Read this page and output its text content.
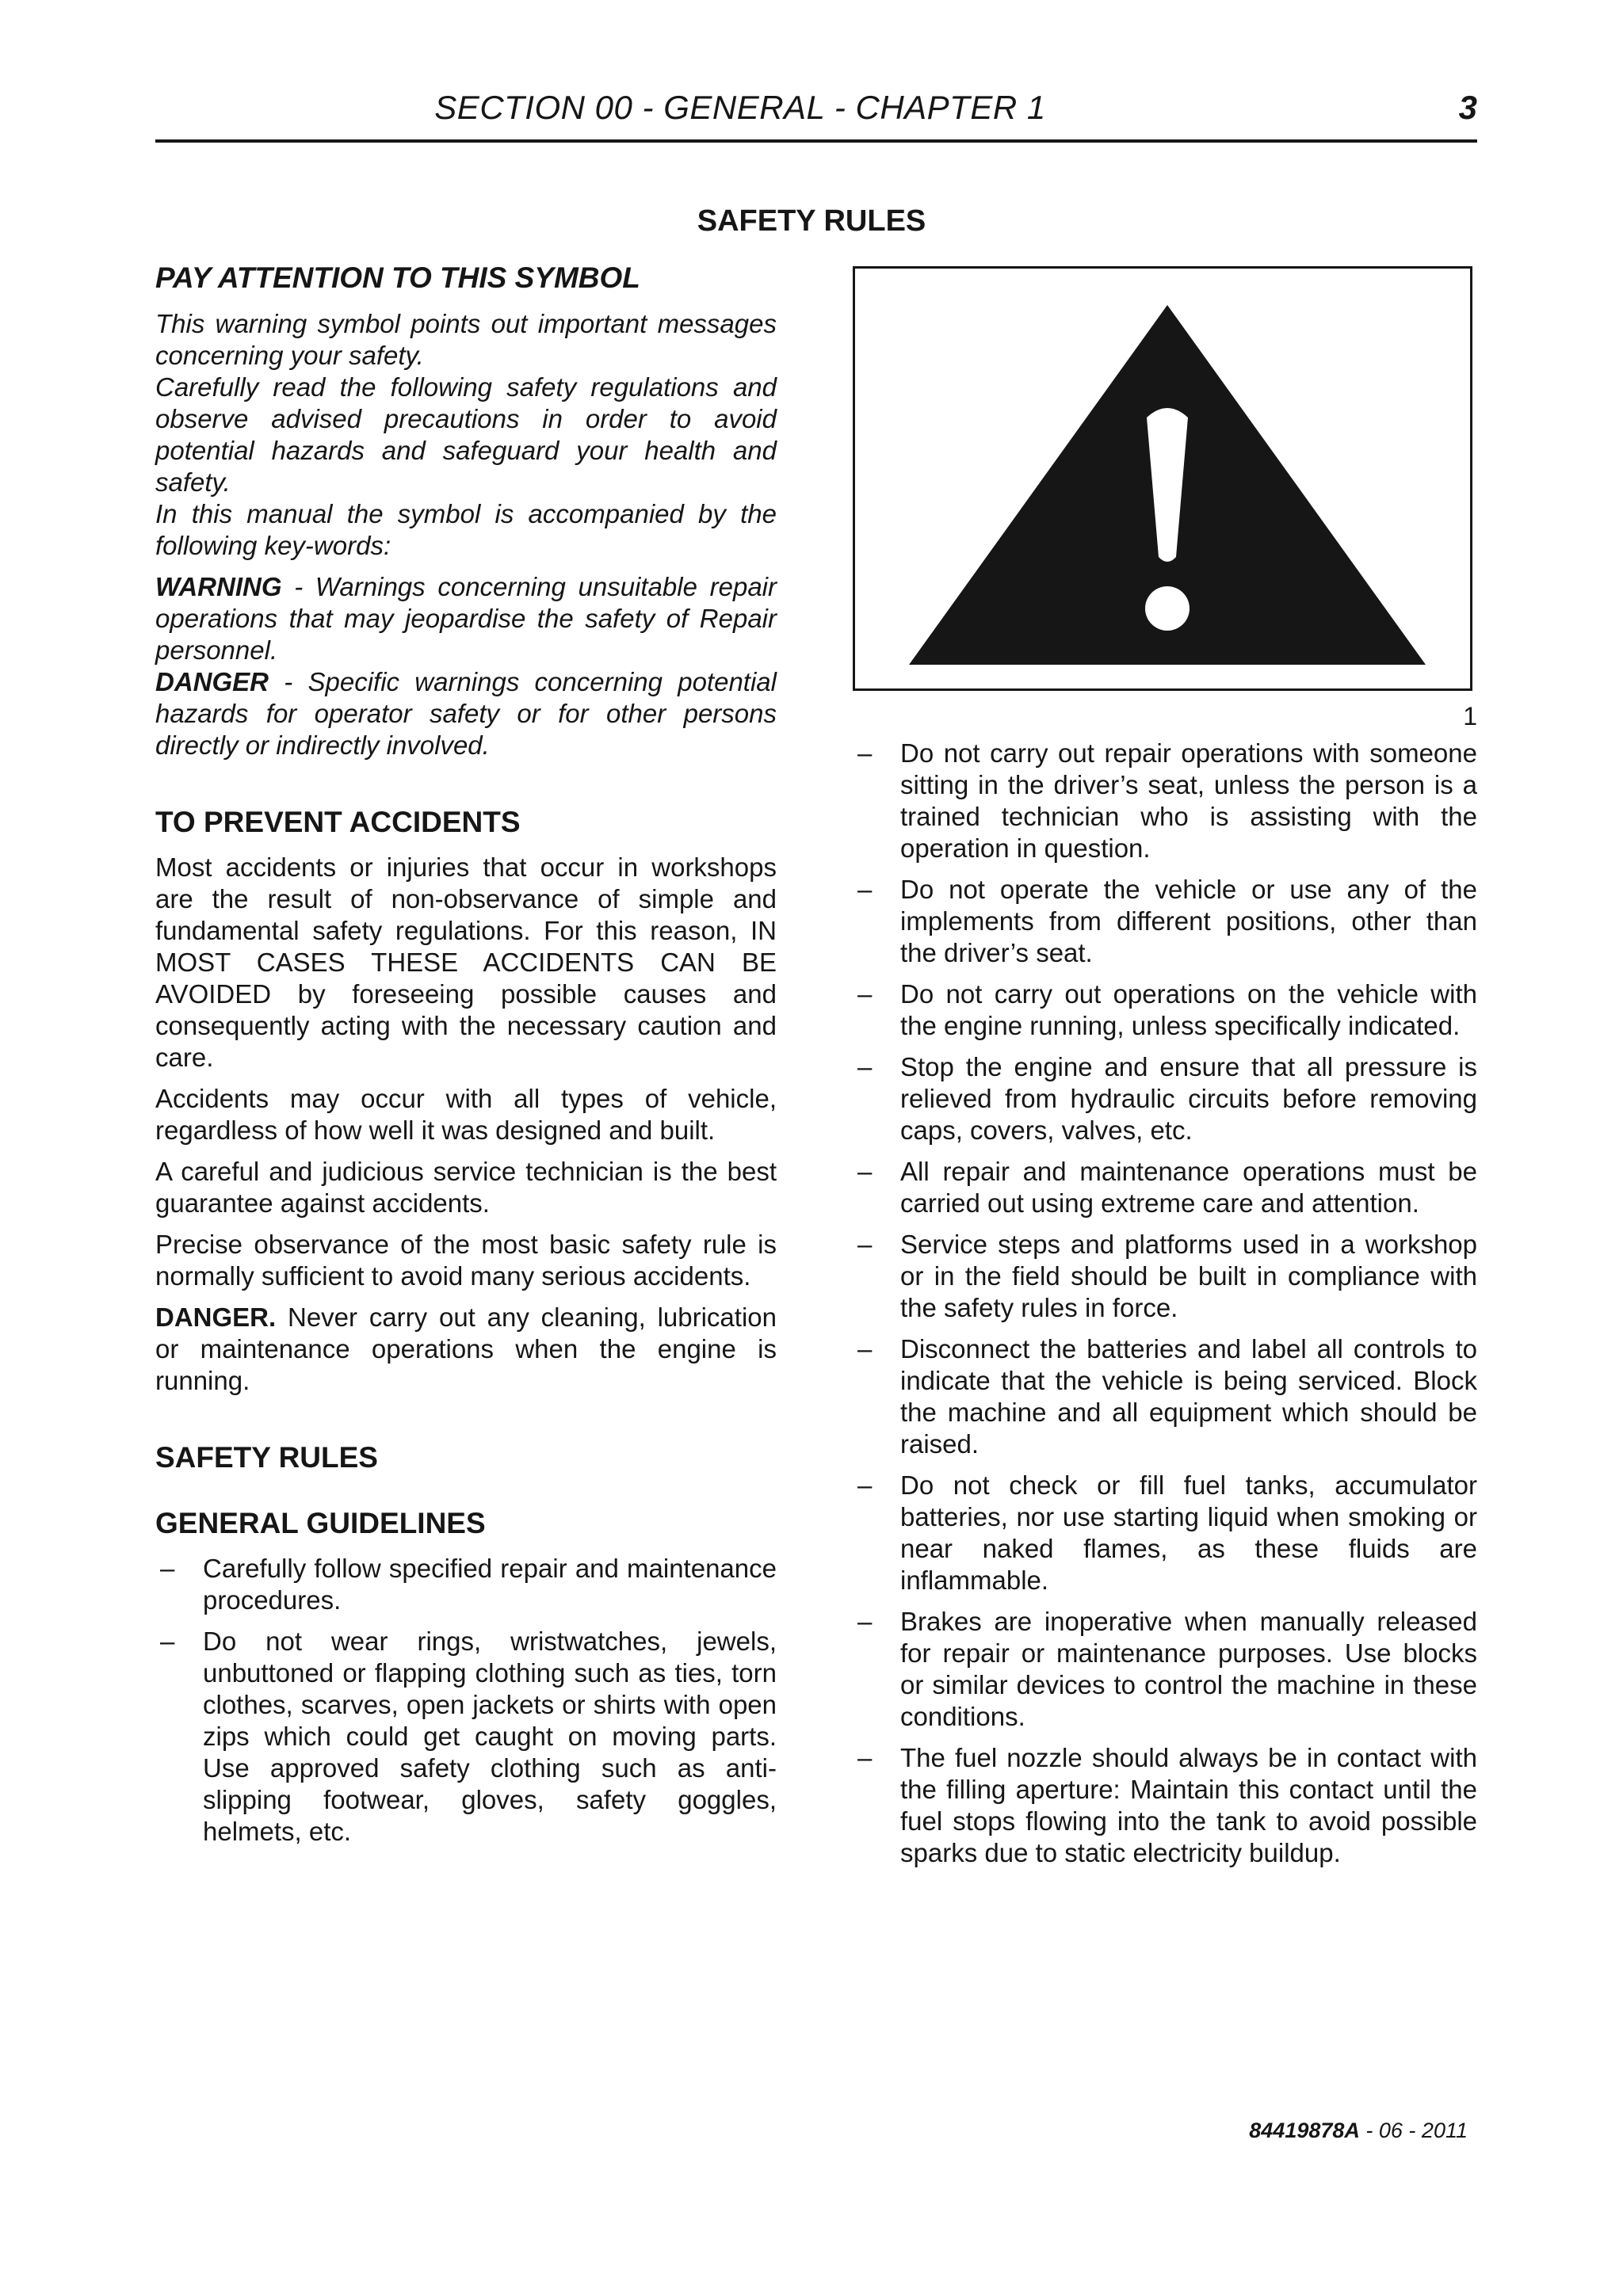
SECTION 00 - GENERAL - CHAPTER 1	3
SAFETY RULES
PAY ATTENTION TO THIS SYMBOL

This warning symbol points out important messages concerning your safety.

Carefully read the following safety regulations and observe advised precautions in order to avoid potential hazards and safeguard your health and safety.

In this manual the symbol is accompanied by the following key-words:

WARNING - Warnings concerning unsuitable repair operations that may jeopardise the safety of Repair personnel.

DANGER - Specific warnings concerning potential hazards for operator safety or for other persons directly or indirectly involved.

TO PREVENT ACCIDENTS

Most accidents or injuries that occur in workshops are the result of non-observance of simple and fundamental safety regulations. For this reason, IN MOST CASES THESE ACCIDENTS CAN BE AVOIDED by foreseeing possible causes and consequently acting with the necessary caution and care.

Accidents may occur with all types of vehicle, regardless of how well it was designed and built.

A careful and judicious service technician is the best guarantee against accidents.

Precise observance of the most basic safety rule is normally sufficient to avoid many serious accidents.

DANGER. Never carry out any cleaning, lubrication or maintenance operations when the engine is running.

SAFETY RULES
GENERAL GUIDELINES
– Carefully follow specified repair and maintenance procedures.
– Do not wear rings, wristwatches, jewels, unbuttoned or flapping clothing such as ties, torn clothes, scarves, open jackets or shirts with open zips which could get caught on moving parts. Use approved safety clothing such as anti-slipping footwear, gloves, safety goggles, helmets, etc.
1
– Do not carry out repair operations with someone sitting in the driver’s seat, unless the person is a trained technician who is assisting with the operation in question.
– Do not operate the vehicle or use any of the implements from different positions, other than the driver’s seat.
– Do not carry out operations on the vehicle with the engine running, unless specifically indicated.
– Stop the engine and ensure that all pressure is relieved from hydraulic circuits before removing caps, covers, valves, etc.
– All repair and maintenance operations must be carried out using extreme care and attention.
– Service steps and platforms used in a workshop or in the field should be built in compliance with the safety rules in force.
– Disconnect the batteries and label all controls to indicate that the vehicle is being serviced. Block the machine and all equipment which should be raised.
– Do not check or fill fuel tanks, accumulator batteries, nor use starting liquid when smoking or near naked flames, as these fluids are inflammable.
– Brakes are inoperative when manually released for repair or maintenance purposes. Use blocks or similar devices to control the machine in these conditions.
– The fuel nozzle should always be in contact with the filling aperture: Maintain this contact until the fuel stops flowing into the tank to avoid possible sparks due to static electricity buildup.
84419878A - 06 - 2011
